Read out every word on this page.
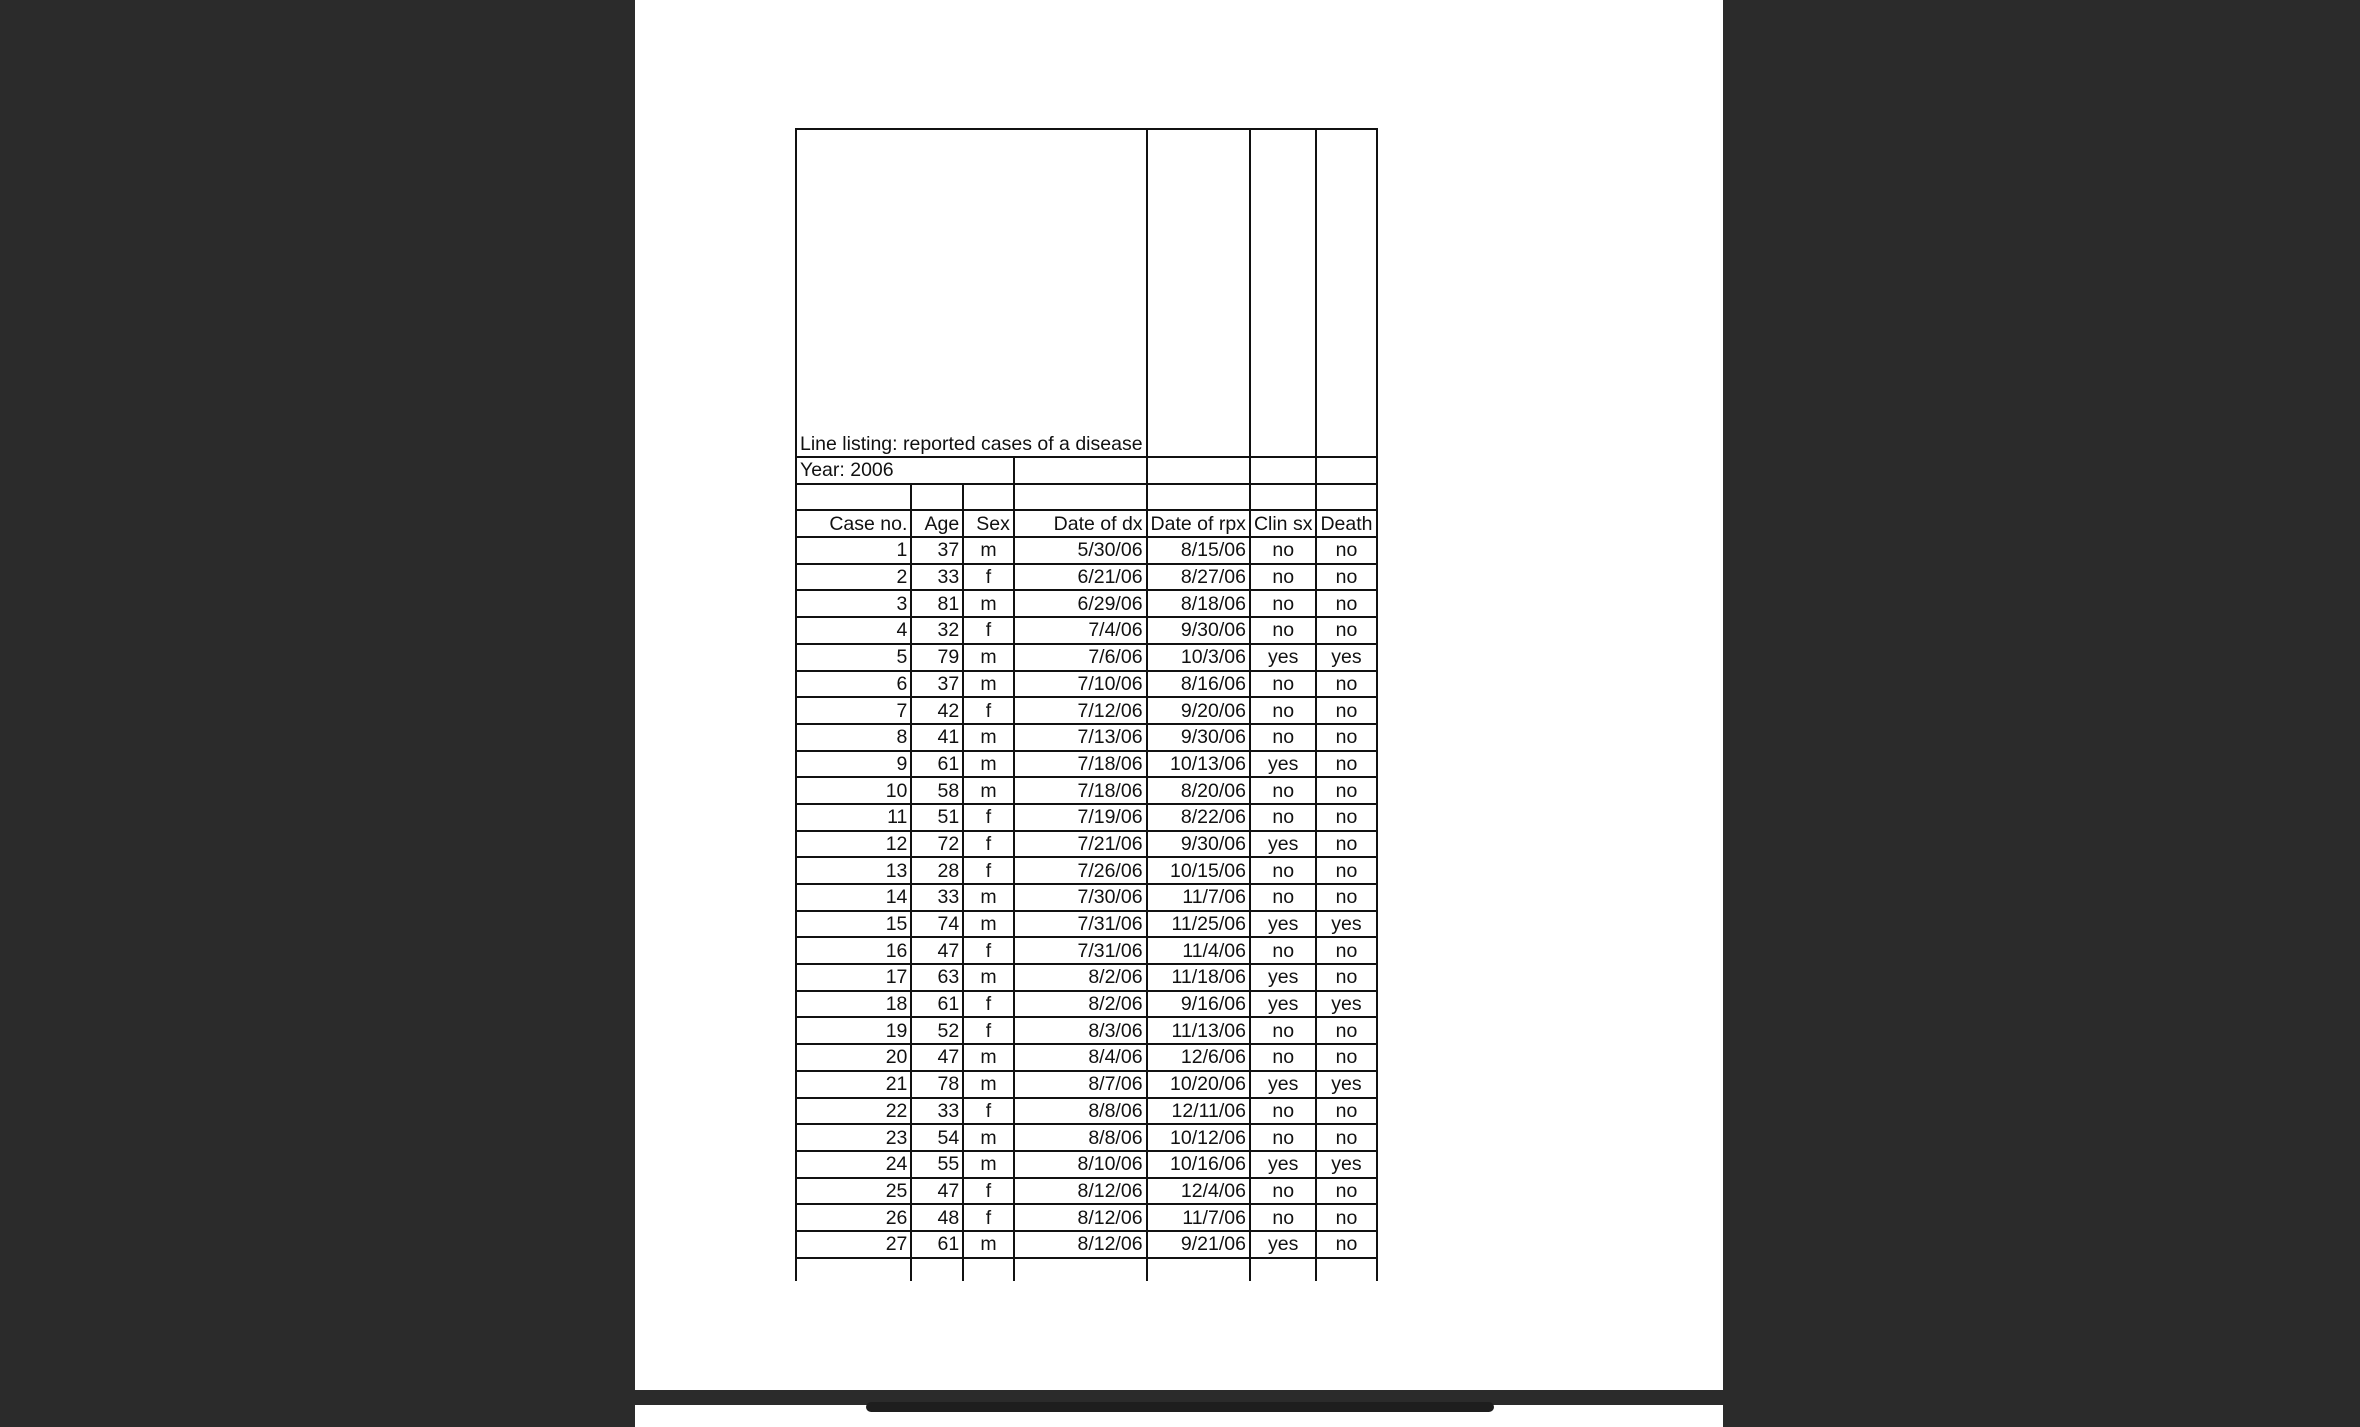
Line listing: reported cases of a disease						
Year: 2006						

Case no.	Age	Sex	Date of dx	Date of rpx	Clin sx	Death
1	37	m	5/30/06	8/15/06	no	no
2	33	f	6/21/06	8/27/06	no	no
3	81	m	6/29/06	8/18/06	no	no
4	32	f	7/4/06	9/30/06	no	no
5	79	m	7/6/06	10/3/06	yes	yes
6	37	m	7/10/06	8/16/06	no	no
7	42	f	7/12/06	9/20/06	no	no
8	41	m	7/13/06	9/30/06	no	no
9	61	m	7/18/06	10/13/06	yes	no
10	58	m	7/18/06	8/20/06	no	no
11	51	f	7/19/06	8/22/06	no	no
12	72	f	7/21/06	9/30/06	yes	no
13	28	f	7/26/06	10/15/06	no	no
14	33	m	7/30/06	11/7/06	no	no
15	74	m	7/31/06	11/25/06	yes	yes
16	47	f	7/31/06	11/4/06	no	no
17	63	m	8/2/06	11/18/06	yes	no
18	61	f	8/2/06	9/16/06	yes	yes
19	52	f	8/3/06	11/13/06	no	no
20	47	m	8/4/06	12/6/06	no	no
21	78	m	8/7/06	10/20/06	yes	yes
22	33	f	8/8/06	12/11/06	no	no
23	54	m	8/8/06	10/12/06	no	no
24	55	m	8/10/06	10/16/06	yes	yes
25	47	f	8/12/06	12/4/06	no	no
26	48	f	8/12/06	11/7/06	no	no
27	61	m	8/12/06	9/21/06	yes	no
